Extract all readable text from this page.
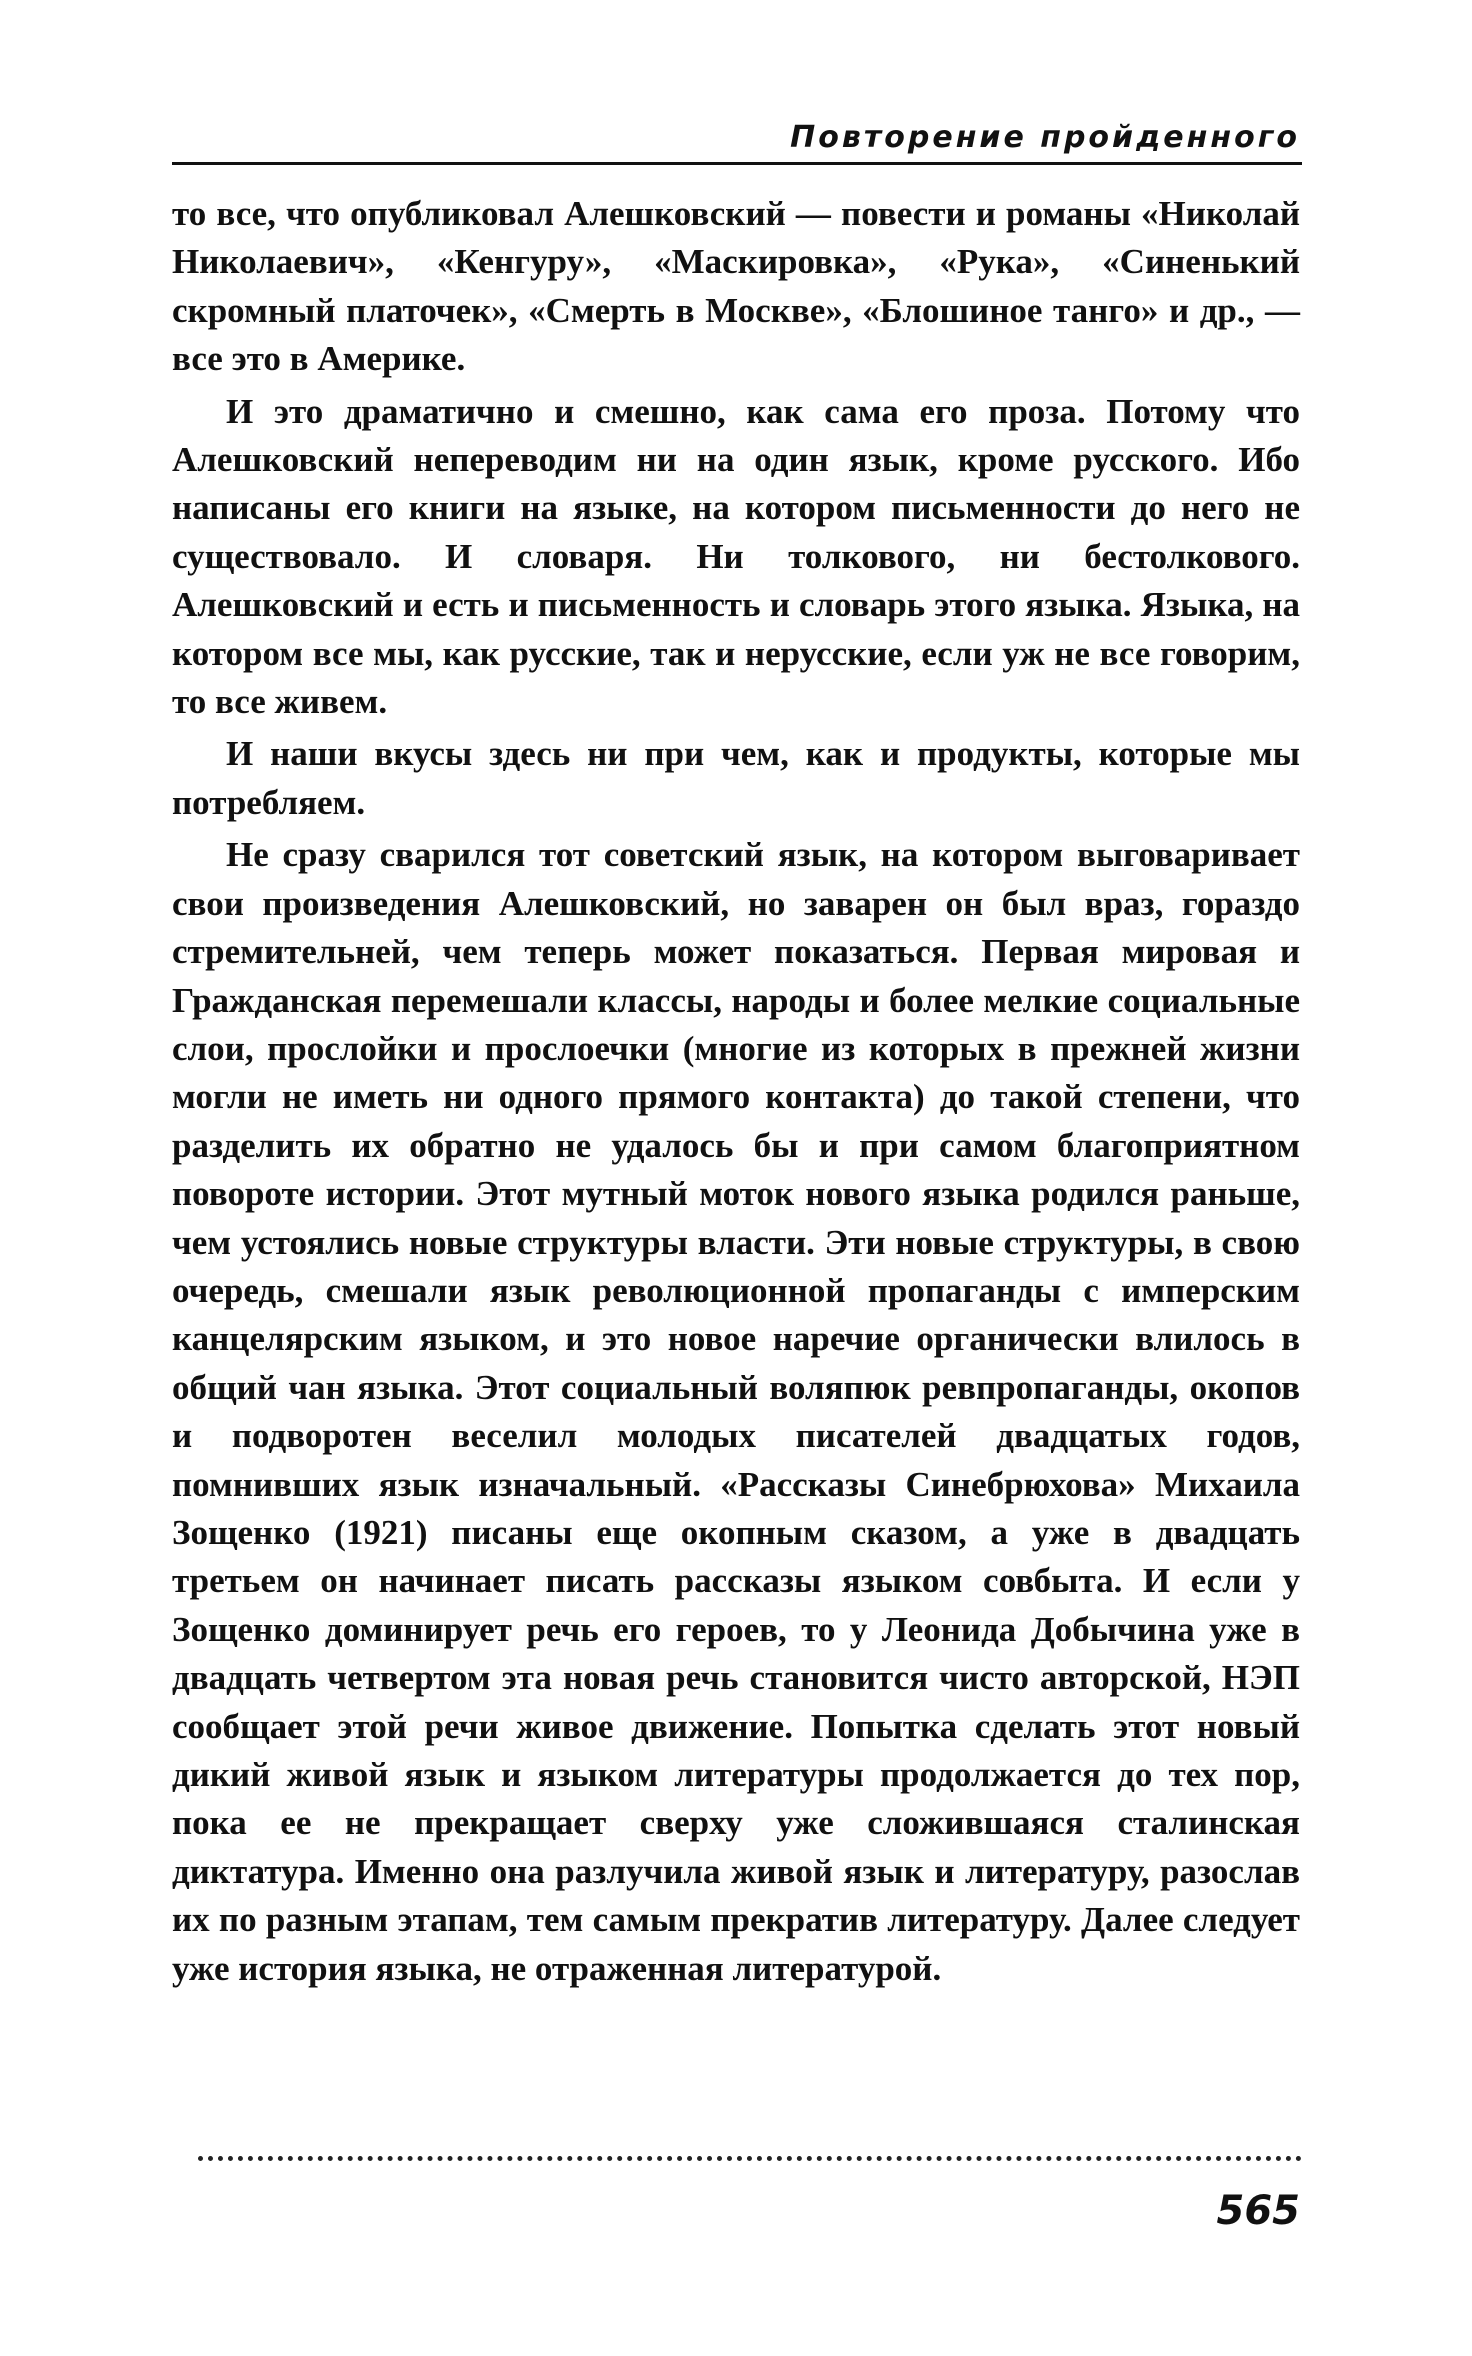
Повторение пройденного

то все, что опубликовал Алешковский — повести и романы «Николай Николаевич», «Кенгуру», «Маскировка», «Рука», «Синенький скромный платочек», «Смерть в Москве», «Блошиное танго» и др., — все это в Америке.

И это драматично и смешно, как сама его проза. Потому что Алешковский непереводим ни на один язык, кроме русского. Ибо написаны его книги на языке, на котором письменности до него не существовало. И словаря. Ни толкового, ни бестолкового. Алешковский и есть и письменность и словарь этого языка. Языка, на котором все мы, как русские, так и нерусские, если уж не все говорим, то все живем.

И наши вкусы здесь ни при чем, как и продукты, которые мы потребляем.

Не сразу сварился тот советский язык, на котором выговаривает свои произведения Алешковский, но заварен он был враз, гораздо стремительней, чем теперь может показаться. Первая мировая и Гражданская перемешали классы, народы и более мелкие социальные слои, прослойки и прослоечки (многие из которых в прежней жизни могли не иметь ни одного прямого контакта) до такой степени, что разделить их обратно не удалось бы и при самом благоприятном повороте истории. Этот мутный моток нового языка родился раньше, чем устоялись новые структуры власти. Эти новые структуры, в свою очередь, смешали язык революционной пропаганды с имперским канцелярским языком, и это новое наречие органически влилось в общий чан языка. Этот социальный воляпюк ревпропаганды, окопов и подворотен веселил молодых писателей двадцатых годов, помнивших язык изначальный. «Рассказы Синебрюхова» Михаила Зощенко (1921) писаны еще окопным сказом, а уже в двадцать третьем он начинает писать рассказы языком совбыта. И если у Зощенко доминирует речь его героев, то у Леонида Добычина уже в двадцать четвертом эта новая речь становится чисто авторской, НЭП сообщает этой речи живое движение. Попытка сделать этот новый дикий живой язык и языком литературы продолжается до тех пор, пока ее не прекращает сверху уже сложившаяся сталинская диктатура. Именно она разлучила живой язык и литературу, разослав их по разным этапам, тем самым прекратив литературу. Далее следует уже история языка, не отраженная литературой.

565
